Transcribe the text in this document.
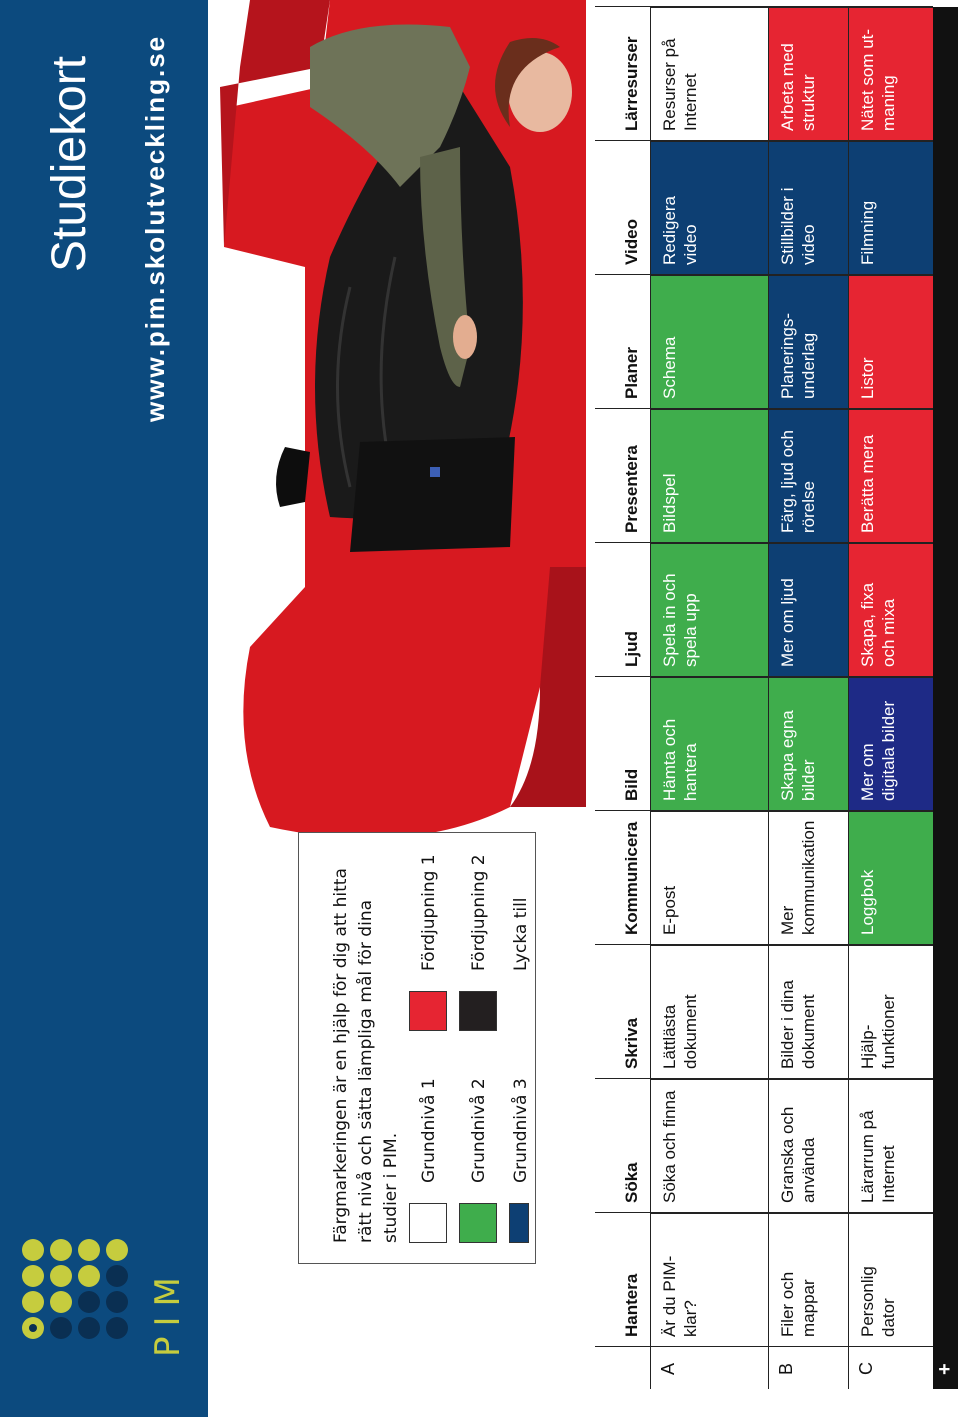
PIM
Studiekort www.pim.skolutveckling.se
Färgmarkeringen är en hjälp för dig att hitta rätt nivå och sätta lämpliga mål för dina studier i PIM.
Grundnivå 1 Grundnivå 2 Grundnivå 3
Fördjupning 1 Fördjupning 2 Lycka till
Hantera
Söka
Skriva
Kommunicera
Bild
Ljud
Presentera
Planer
Video
Lärresurser
A
Är du PIM-klar?
Söka och finna
Lättlästa dokument
E-post
Hämta och hantera
Spela in och spela upp
Bildspel
Schema
Redigera video
Resurser på Internet
B
Filer och mappar
Granska och använda
Bilder i dina dokument
Mer kommunikation
Skapa egna bilder
Mer om ljud
Färg, ljud och rörelse
Planerings-underlag
Stillbilder i video
Arbeta med struktur
C
Personlig dator
Lärarrum på Internet
Hjälp-funktioner
Loggbok
Mer om digitala bilder
Skapa, fixa och mixa
Berätta mera
Listor
Filmning
Nätet som ut-maning
+
